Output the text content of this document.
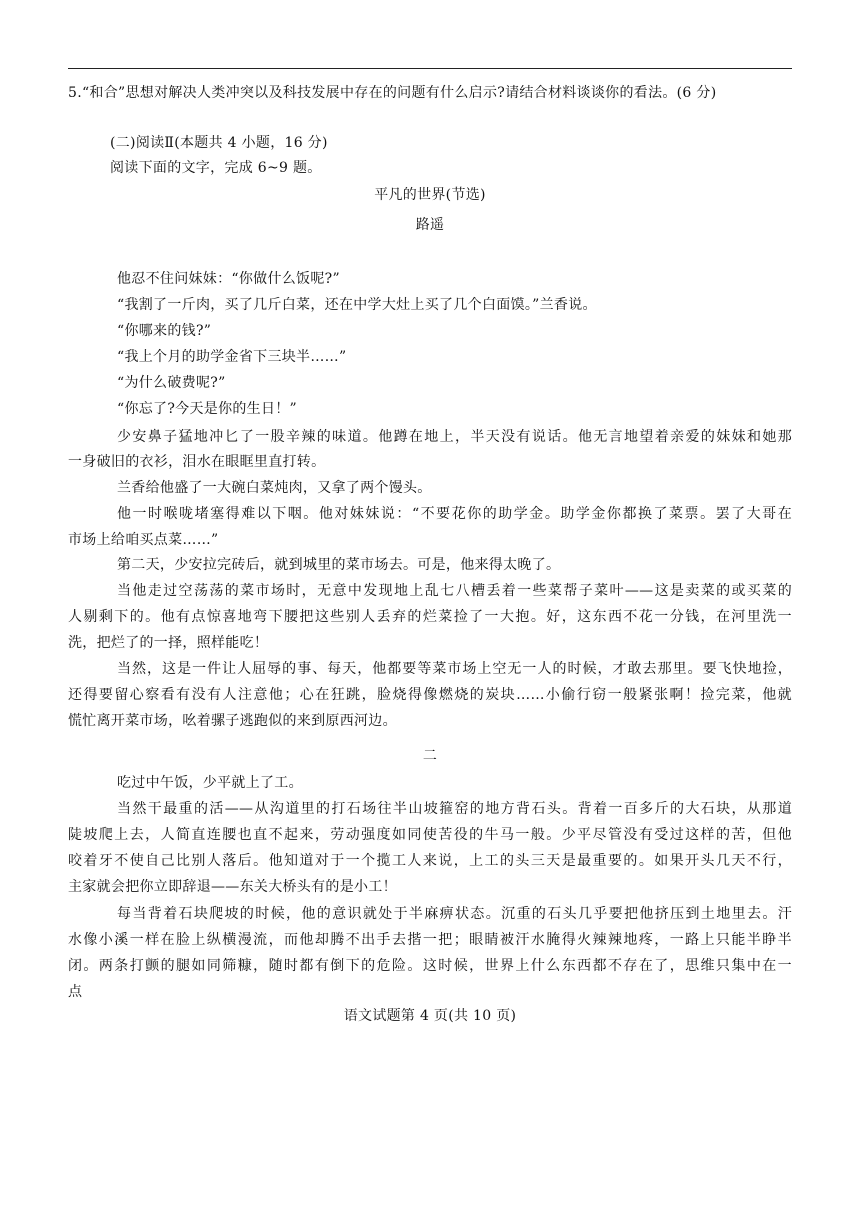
5.“和合”思想对解决人类冲突以及科技发展中存在的问题有什么启示?请结合材料谈谈你的看法。(6 分)
(二)阅读Ⅱ(本题共 4 小题，16 分)
阅读下面的文字，完成 6~9 题。
平凡的世界(节选)
路遥
他忍不住问妹妹：“你做什么饭呢?”
“我割了一斤肉，买了几斤白菜，还在中学大灶上买了几个白面馍。”兰香说。
“你哪来的钱?”
“我上个月的助学金省下三块半……”
“为什么破费呢?”
“你忘了?今天是你的生日！”
少安鼻子猛地冲匕了一股辛辣的味道。他蹲在地上，半天没有说话。他无言地望着亲爱的妹妹和她那
一身破旧的衣衫，泪水在眼眶里直打转。
兰香给他盛了一大碗白菜炖肉，又拿了两个馒头。
他一时喉咙堵塞得难以下咽。他对妹妹说：“不要花你的助学金。助学金你都换了菜票。罢了大哥在
市场上给咱买点菜……”
第二天，少安拉完砖后，就到城里的菜市场去。可是，他来得太晚了。
当他走过空荡荡的菜市场时，无意中发现地上乱七八槽丢着一些菜帮子菜叶——这是卖菜的或买菜的
人剔剩下的。他有点惊喜地弯下腰把这些别人丢弃的烂菜捡了一大抱。好，这东西不花一分钱，在河里洗一
洗，把烂了的一择，照样能吃！
当然，这是一件让人屈辱的事、每天，他都要等菜市场上空无一人的时候，才敢去那里。要飞快地捡，
还得要留心察看有没有人注意他；心在狂跳，脸烧得像燃烧的炭块……小偷行窃一般紧张啊！捡完菜，他就
慌忙离开菜市场，吆着骡子逃跑似的来到原西河边。
二
吃过中午饭，少平就上了工。
当然干最重的活——从沟道里的打石场往半山坡箍窑的地方背石头。背着一百多斤的大石块，从那道
陡坡爬上去，人简直连腰也直不起来，劳动强度如同使苦役的牛马一般。少平尽管没有受过这样的苦，但他
咬着牙不使自己比别人落后。他知道对于一个揽工人来说，上工的头三天是最重要的。如果开头几天不行，
主家就会把你立即辞退——东关大桥头有的是小工！
每当背着石块爬坡的时候，他的意识就处于半麻痹状态。沉重的石头几乎要把他挤压到土地里去。汗
水像小溪一样在脸上纵横漫流，而他却腾不出手去揩一把；眼睛被汗水腌得火辣辣地疼，一路上只能半睁半
闭。两条打颤的腿如同筛糠，随时都有倒下的危险。这时候，世界上什么东西都不存在了，思维只集中在一
点
语文试题第 4 页(共 10 页)
